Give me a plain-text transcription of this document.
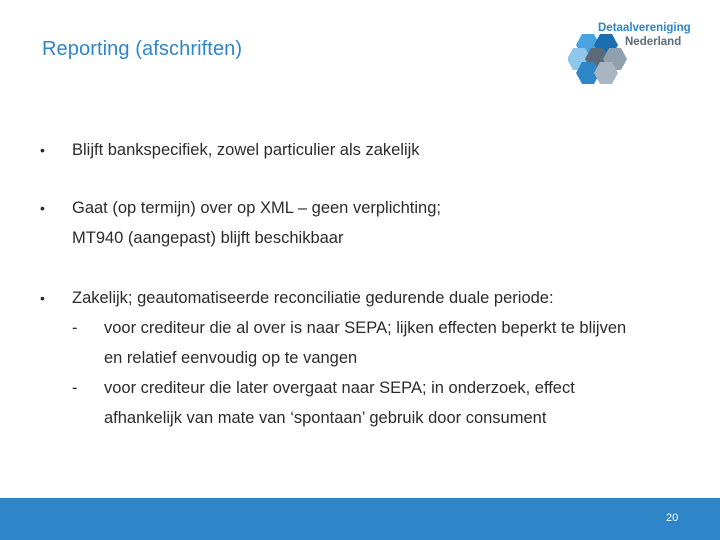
Reporting (afschriften)
Detaalvereniging
Nederland
• Blijft bankspecifiek, zowel particulier als zakelijk
• Gaat (op termijn) over op XML – geen verplichting;
MT940 (aangepast) blijft beschikbaar
• Zakelijk; geautomatiseerde reconciliatie gedurende duale periode:
- voor crediteur die al over is naar SEPA; lijken effecten beperkt te blijven
en relatief eenvoudig op te vangen
- voor crediteur die later overgaat naar SEPA; in onderzoek, effect
afhankelijk van mate van ‘spontaan’ gebruik door consument
20
